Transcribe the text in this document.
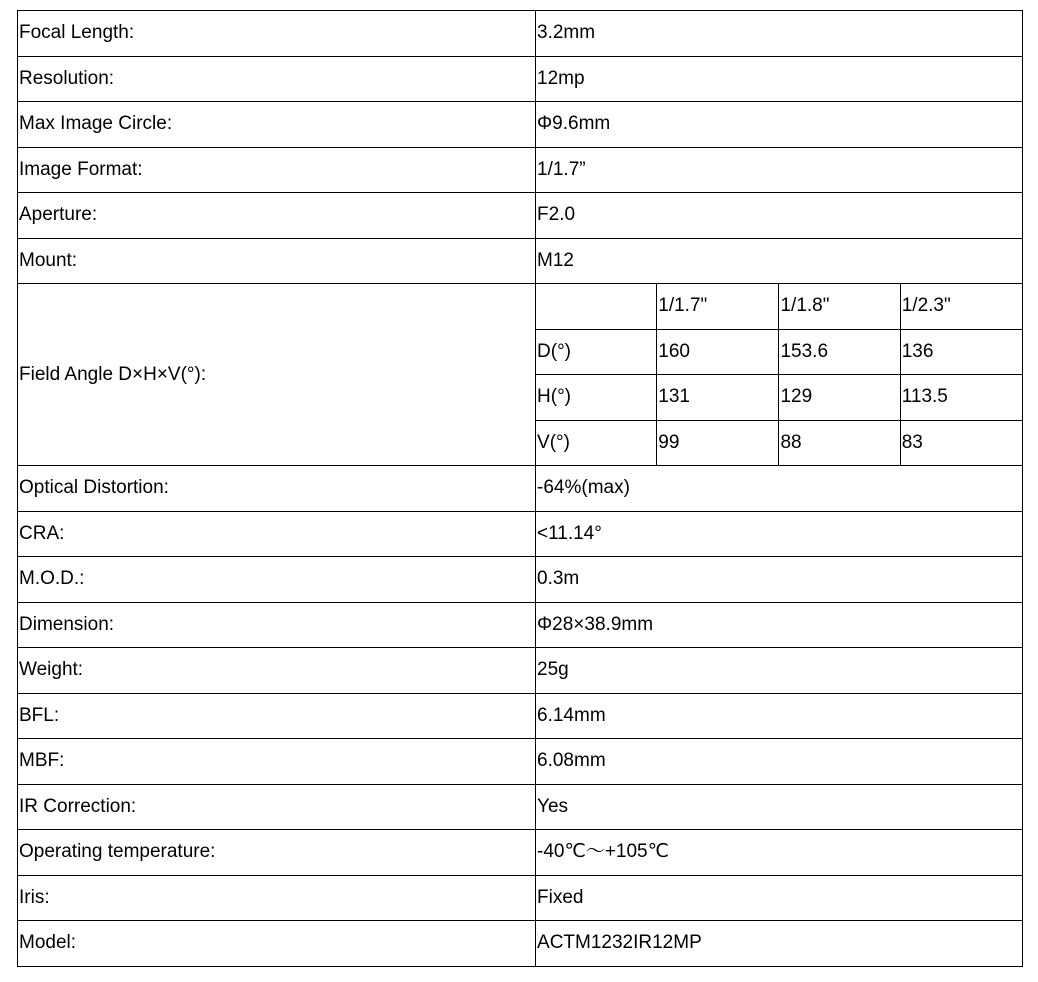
Focal Length:	3.2mm			
Resolution:	12mp			
Max Image Circle:	Φ9.6mm			
Image Format:	1/1.7”			
Aperture:	F2.0			
Mount:	M12			
Field Angle D×H×V(°):		1/1.7"	1/1.8"	1/2.3"
	D(°)	160	153.6	136
	H(°)	131	129	113.5
	V(°)	99	88	83
Optical Distortion:	-64%(max)			
CRA:	<11.14°			
M.O.D.:	0.3m			
Dimension:	Φ28×38.9mm			
Weight:	25g			
BFL:	6.14mm			
MBF:	6.08mm			
IR Correction:	Yes			
Operating temperature:	-40℃～+105℃			
Iris:	Fixed			
Model:	ACTM1232IR12MP			
